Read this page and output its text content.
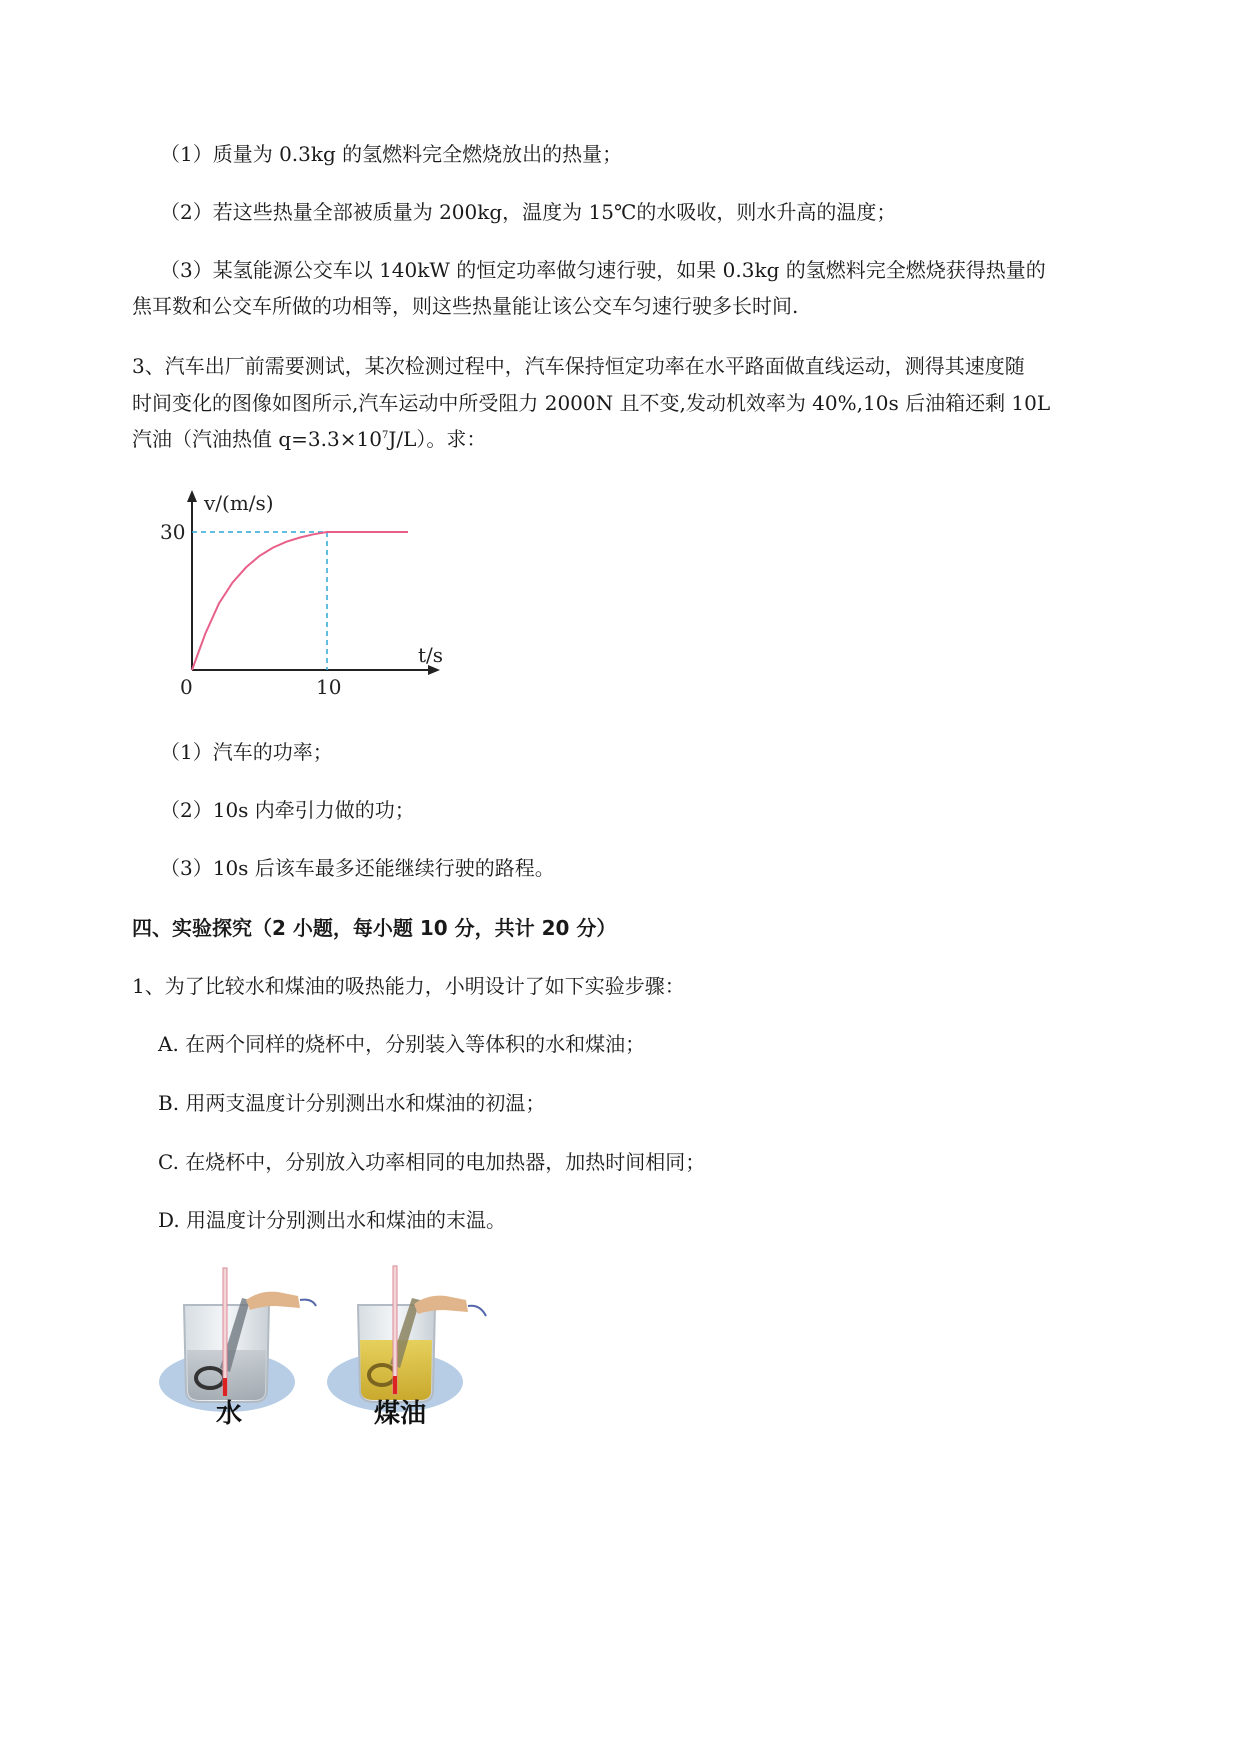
（1）质量为 0.3kg 的氢燃料完全燃烧放出的热量；
（2）若这些热量全部被质量为 200kg，温度为 15℃的水吸收，则水升高的温度；
（3）某氢能源公交车以 140kW 的恒定功率做匀速行驶，如果 0.3kg 的氢燃料完全燃烧获得热量的
焦耳数和公交车所做的功相等，则这些热量能让该公交车匀速行驶多长时间.
3、汽车出厂前需要测试，某次检测过程中，汽车保持恒定功率在水平路面做直线运动，测得其速度随
时间变化的图像如图所示,汽车运动中所受阻力 2000N 且不变,发动机效率为 40%,10s 后油箱还剩 10L
汽油（汽油热值 $q=3.3\times 10^7J/L$）。求：
v/(m/s)
t/s
0	10
30
（1）汽车的功率；
（2）10s 内牵引力做的功；
（3）10s 后该车最多还能继续行驶的路程。
四、实验探究（2 小题，每小题 10 分，共计 20 分）
1、为了比较水和煤油的吸热能力，小明设计了如下实验步骤：
A. 在两个同样的烧杯中，分别装入等体积的水和煤油；
B. 用两支温度计分别测出水和煤油的初温；
C. 在烧杯中，分别放入功率相同的电加热器，加热时间相同；
D. 用温度计分别测出水和煤油的末温。
水	煤油
